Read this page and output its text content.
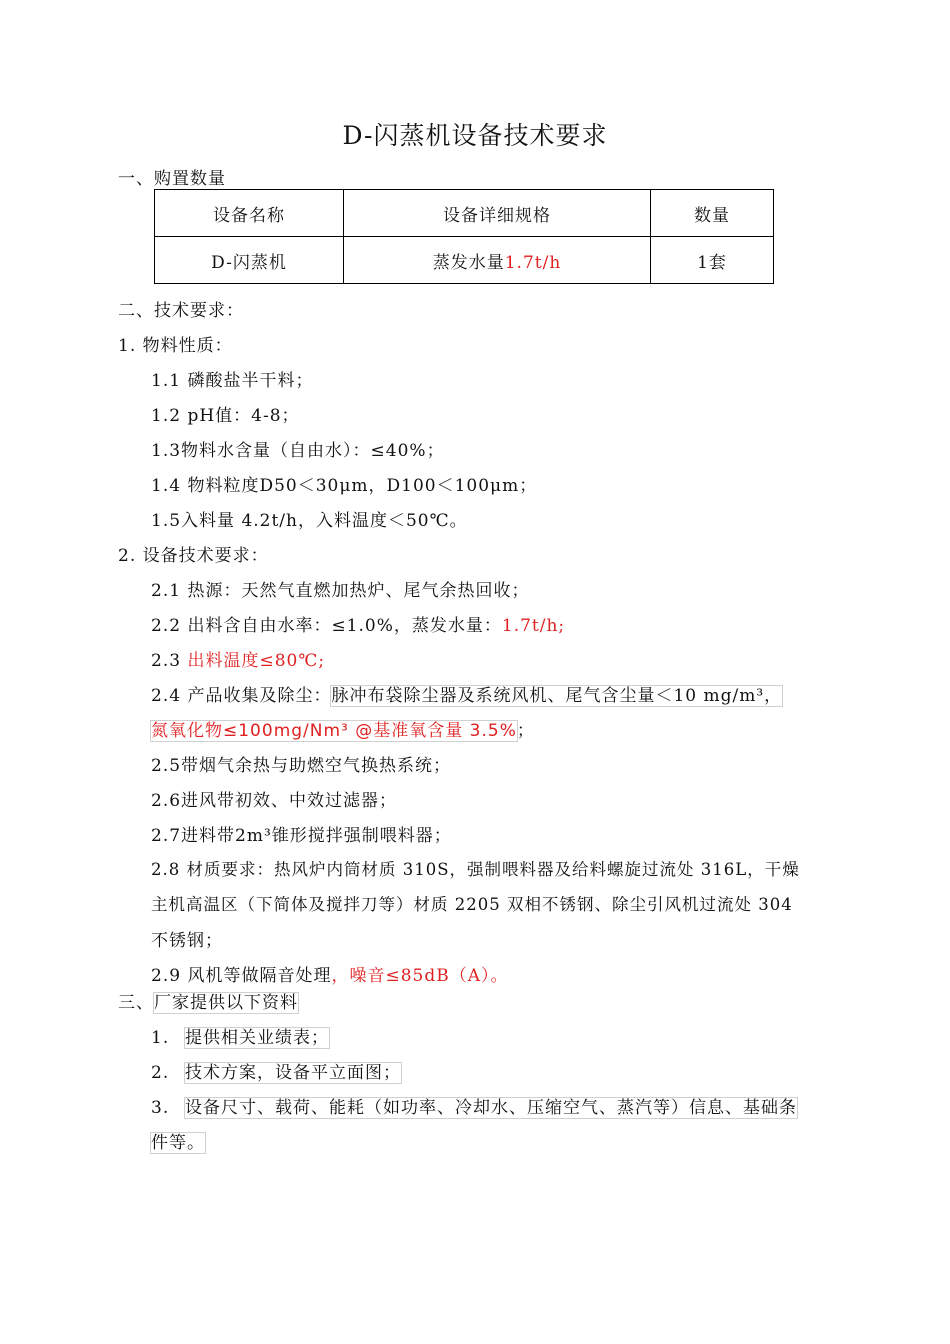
D-闪蒸机设备技术要求
一、购置数量
设备名称	设备详细规格	数量
D-闪蒸机	蒸发水量1.7t/h	1套
二、技术要求：
1. 物料性质：
1.1 磷酸盐半干料；
1.2 pH值：4-8；
1.3物料水含量（自由水）：≤40%；
1.4 物料粒度D50＜30μm，D100＜100μm；
1.5入料量 4.2t/h，入料温度＜50℃。
2. 设备技术要求：
2.1 热源：天然气直燃加热炉、尾气余热回收；
2.2 出料含自由水率：≤1.0%，蒸发水量：1.7t/h;
2.3 出料温度≤80℃;
2.4 产品收集及除尘：脉冲布袋除尘器及系统风机、尾气含尘量＜10 mg/m³，
氮氧化物≤100mg/Nm³ @基准氧含量 3.5%；
2.5带烟气余热与助燃空气换热系统；
2.6进风带初效、中效过滤器；
2.7进料带2m³锥形搅拌强制喂料器；
2.8 材质要求：热风炉内筒材质 310S，强制喂料器及给料螺旋过流处 316L，干燥
主机高温区（下简体及搅拌刀等）材质 2205 双相不锈钢、除尘引风机过流处 304
不锈钢；
2.9 风机等做隔音处理，噪音≤85dB（A）。
三、厂家提供以下资料
1. 提供相关业绩表；
2. 技术方案，设备平立面图；
3. 设备尺寸、载荷、能耗（如功率、冷却水、压缩空气、蒸汽等）信息、基础条
件等。
